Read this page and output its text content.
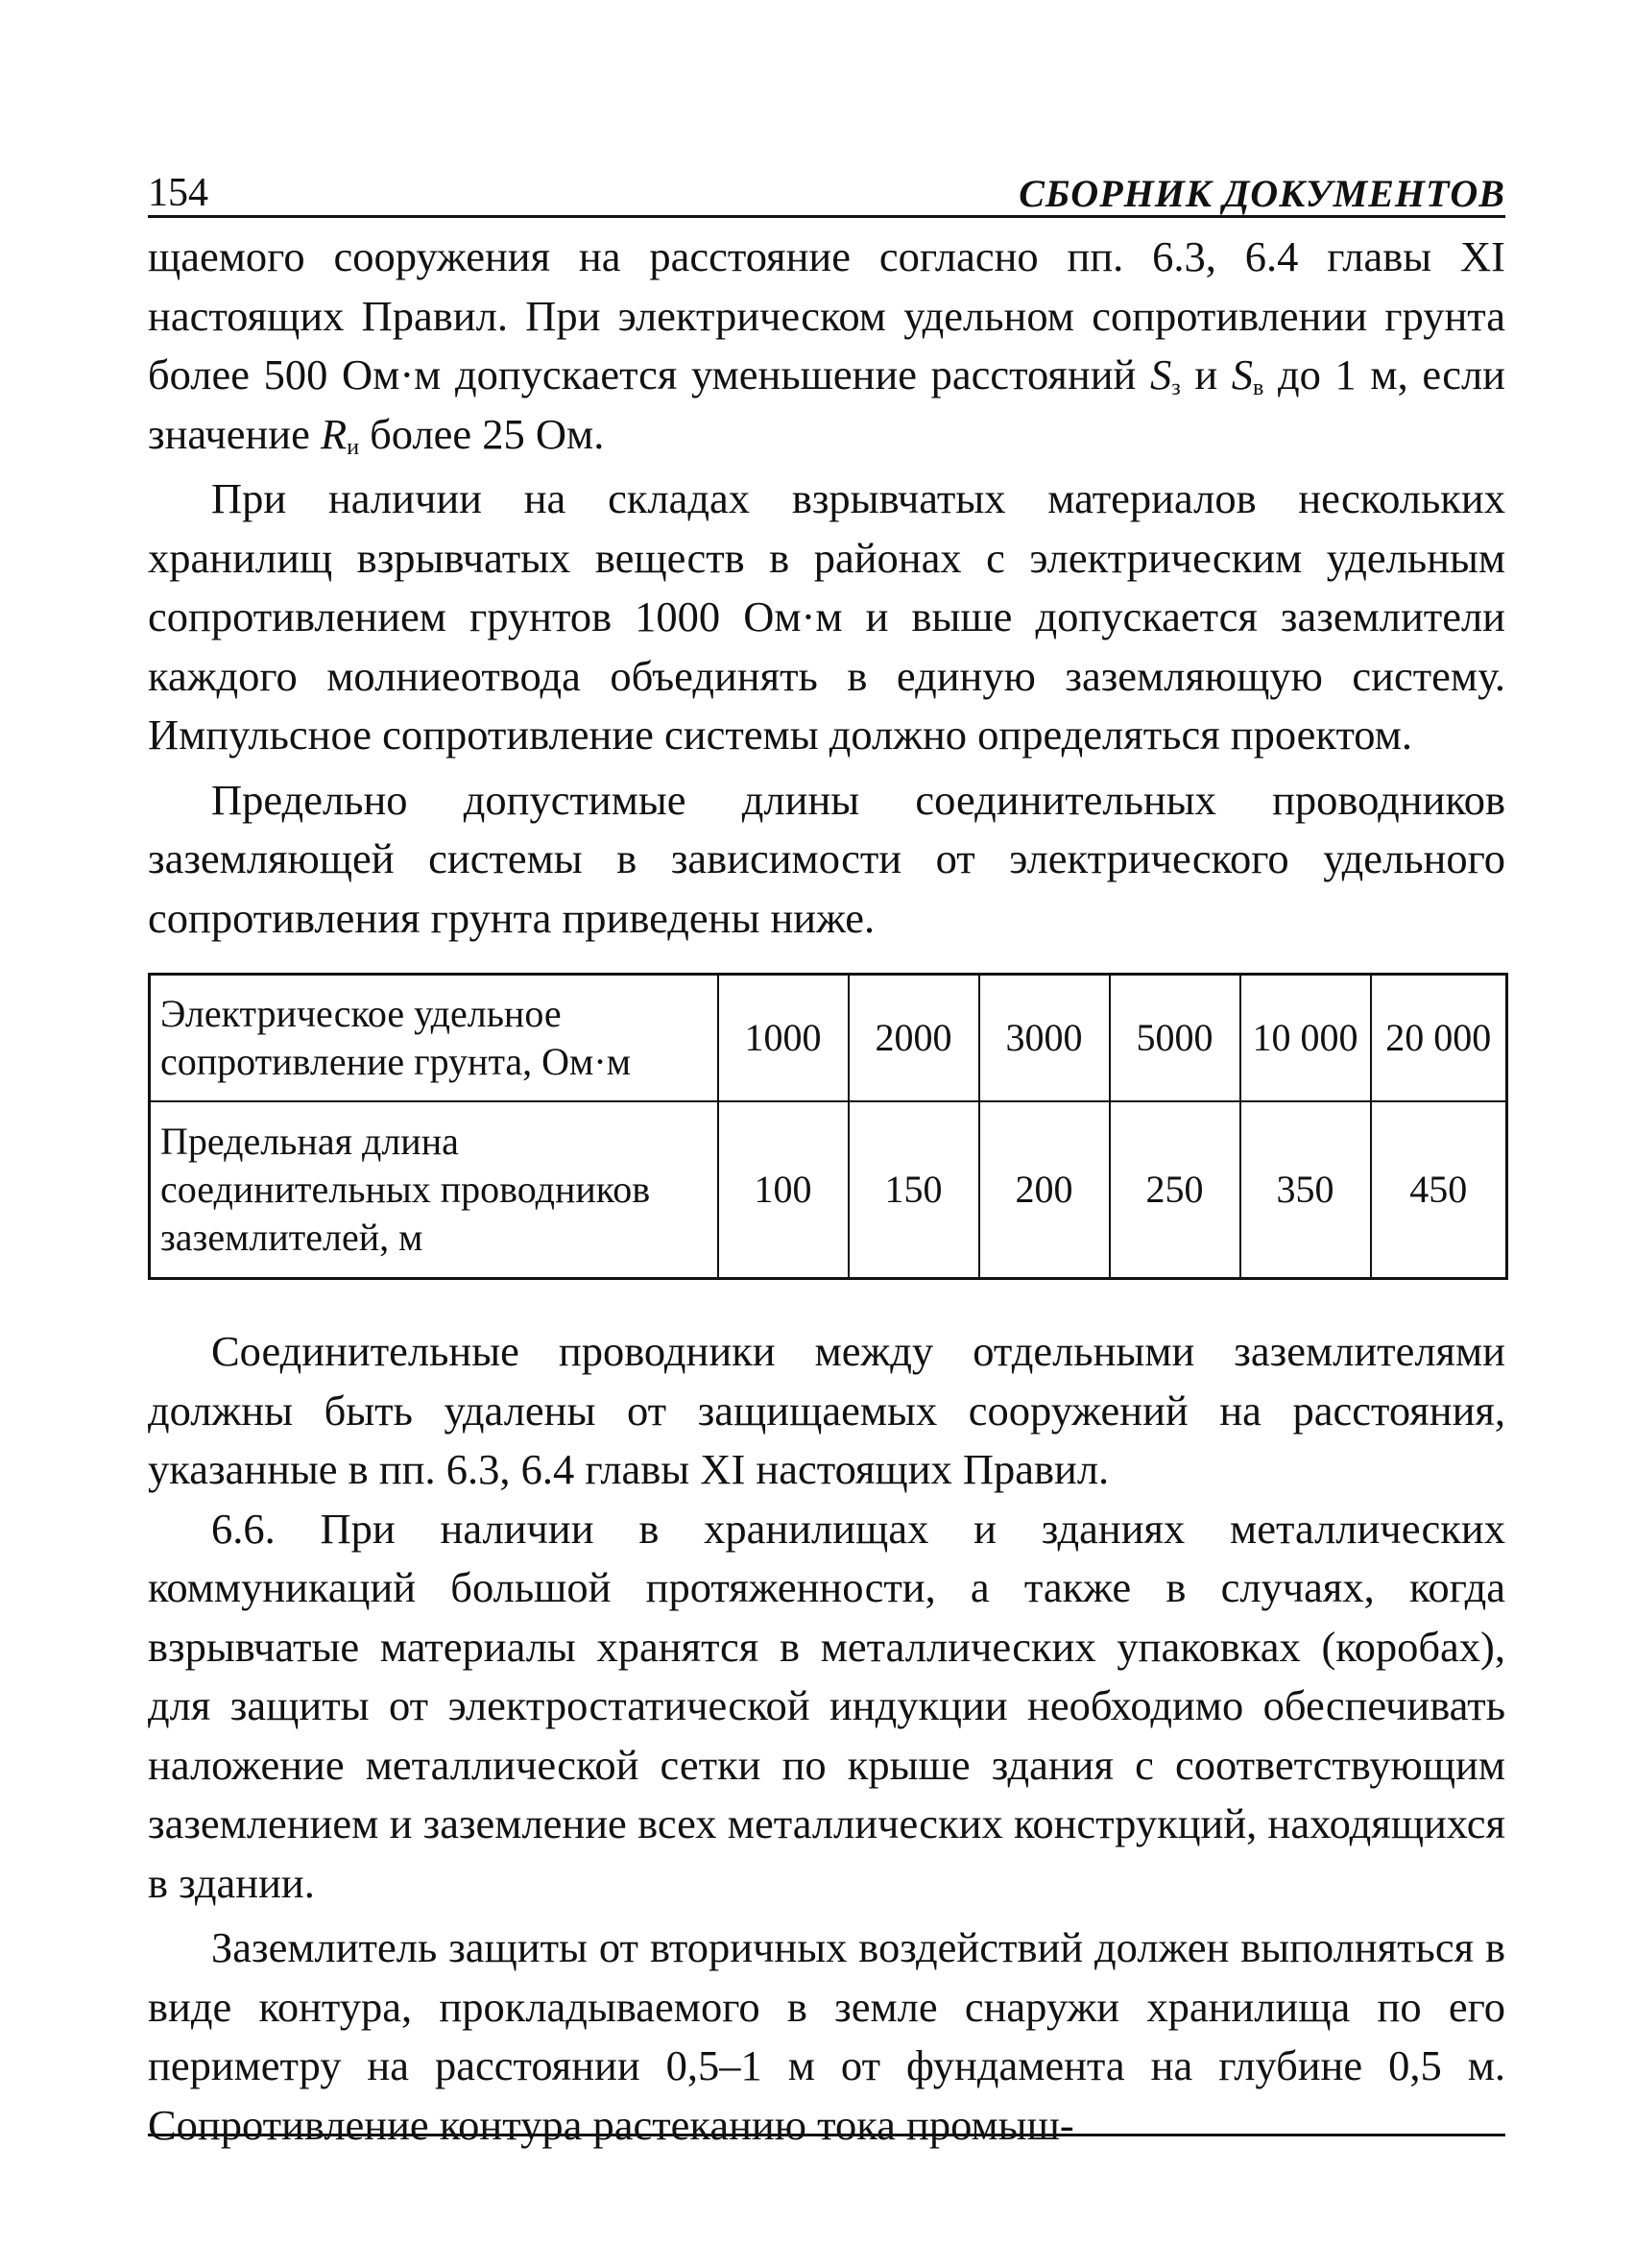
154	СБОРНИК ДОКУМЕНТОВ

щаемого сооружения на расстояние согласно пп. 6.3, 6.4 главы XI настоящих Правил. При электрическом удельном сопротивлении грунта более 500 Ом·м допускается уменьшение расстояний $S_з$ и $S_в$ до 1 м, если значение $R_и$ более 25 Ом.

При наличии на складах взрывчатых материалов нескольких хранилищ взрывчатых веществ в районах с электрическим удельным сопротивлением грунтов 1000 Ом·м и выше допускается заземлители каждого молниеотвода объединять в единую заземляющую систему. Импульсное сопротивление системы должно определяться проектом.

Предельно допустимые длины соединительных проводников заземляющей системы в зависимости от электрического удельного сопротивления грунта приведены ниже.

Электрическое удельное сопротивление грунта, Ом·м	1000	2000	3000	5000	10 000	20 000
Предельная длина соединительных проводников заземлителей, м	100	150	200	250	350	450

Соединительные проводники между отдельными заземлителями должны быть удалены от защищаемых сооружений на расстояния, указанные в пп. 6.3, 6.4 главы XI настоящих Правил.

6.6. При наличии в хранилищах и зданиях металлических коммуникаций большой протяженности, а также в случаях, когда взрывчатые материалы хранятся в металлических упаковках (коробах), для защиты от электростатической индукции необходимо обеспечивать наложение металлической сетки по крыше здания с соответствующим заземлением и заземление всех металлических конструкций, находящихся в здании.

Заземлитель защиты от вторичных воздействий должен выполняться в виде контура, прокладываемого в земле снаружи хранилища по его периметру на расстоянии 0,5–1 м от фундамента на глубине 0,5 м. Сопротивление контура растеканию тока промыш-
